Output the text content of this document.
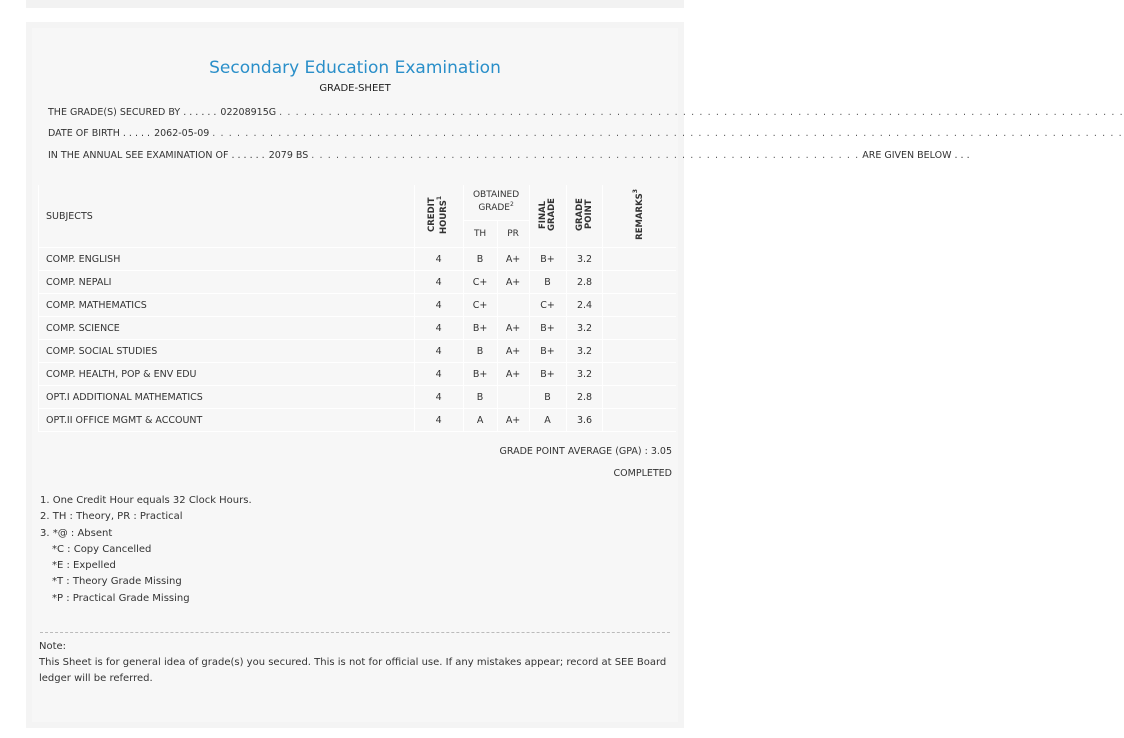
Secondary Education Examination
GRADE-SHEET
THE GRADE(S) SECURED BY . . . . . . 02208915G . . . . . . . . . . . . . . . . . . . . . . . . . . . . . . . . . . . . . . . . . . . . . . . . . . . . . . . . . . . . . . . . . . . . . . . . . . . . . . . . . . . . . . . . . . . . . . . . . . . . . . .
DATE OF BIRTH . . . . . 2062-05-09 . . . . . . . . . . . . . . . . . . . . . . . . . . . . . . . . . . . . . . . . . . . . . . . . . . . . . . . . . . . . . . . . . . . . . . . . . . . . . . . . . . . . . . . . . . . . . . . . . . . . . . . . . . . . . . .
IN THE ANNUAL SEE EXAMINATION OF . . . . . . 2079 BS . . . . . . . . . . . . . . . . . . . . . . . . . . . . . . . . . . . . . . . . . . . . . . . . . . . . . . . . . . . . . . . . . . . ARE GIVEN BELOW . . .
SUBJECTS	CREDIT HOURS$^1$	OBTAINED GRADE$^2$		FINAL GRADE	GRADE POINT	REMARKS$^3$
		TH	PR			
COMP. ENGLISH	4	B	A+	B+	3.2	
COMP. NEPALI	4	C+	A+	B	2.8	
COMP. MATHEMATICS	4	C+		C+	2.4	
COMP. SCIENCE	4	B+	A+	B+	3.2	
COMP. SOCIAL STUDIES	4	B	A+	B+	3.2	
COMP. HEALTH, POP & ENV EDU	4	B+	A+	B+	3.2	
OPT.I ADDITIONAL MATHEMATICS	4	B		B	2.8	
OPT.II OFFICE MGMT & ACCOUNT	4	A	A+	A	3.6	
GRADE POINT AVERAGE (GPA) : 3.05
COMPLETED
1. One Credit Hour equals 32 Clock Hours.
2. TH : Theory, PR : Practical
3. *@ : Absent
*C : Copy Cancelled
*E : Expelled
*T : Theory Grade Missing
*P : Practical Grade Missing
Note:
This Sheet is for general idea of grade(s) you secured. This is not for official use. If any mistakes appear; record at SEE Board ledger will be referred.
